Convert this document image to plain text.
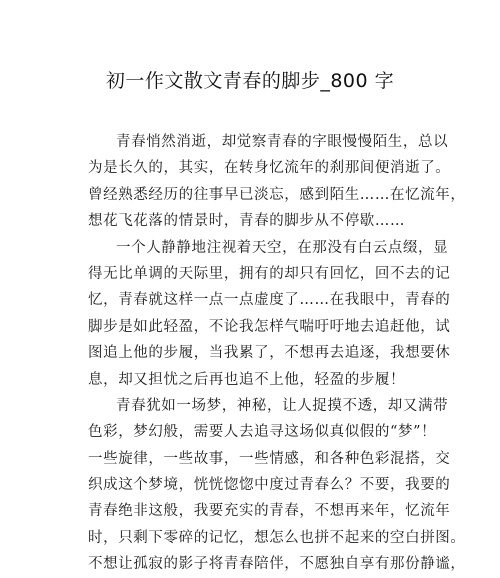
初一作文散文青春的脚步_800 字
青春悄然消逝，却觉察青春的字眼慢慢陌生，总以
为是长久的，其实，在转身忆流年的刹那间便消逝了。
曾经熟悉经历的往事早已淡忘，感到陌生……在忆流年，
想花飞花落的情景时，青春的脚步从不停歇……
一个人静静地注视着天空，在那没有白云点缀，显
得无比单调的天际里，拥有的却只有回忆，回不去的记
忆，青春就这样一点一点虚度了……在我眼中，青春的
脚步是如此轻盈，不论我怎样气喘吁吁地去追赶他，试
图追上他的步履，当我累了，不想再去追逐，我想要休
息，却又担忧之后再也追不上他，轻盈的步履！
青春犹如一场梦，神秘，让人捉摸不透，却又满带
色彩，梦幻般，需要人去追寻这场似真似假的“梦”！
一些旋律，一些故事，一些情感，和各种色彩混搭，交
织成这个梦境，恍恍惚惚中度过青春么？不要，我要的
青春绝非这般，我要充实的青春，不想再来年，忆流年
时，只剩下零碎的记忆，想怎么也拼不起来的空白拼图。
不想让孤寂的影子将青春陪伴，不愿独自享有那份静谧，
